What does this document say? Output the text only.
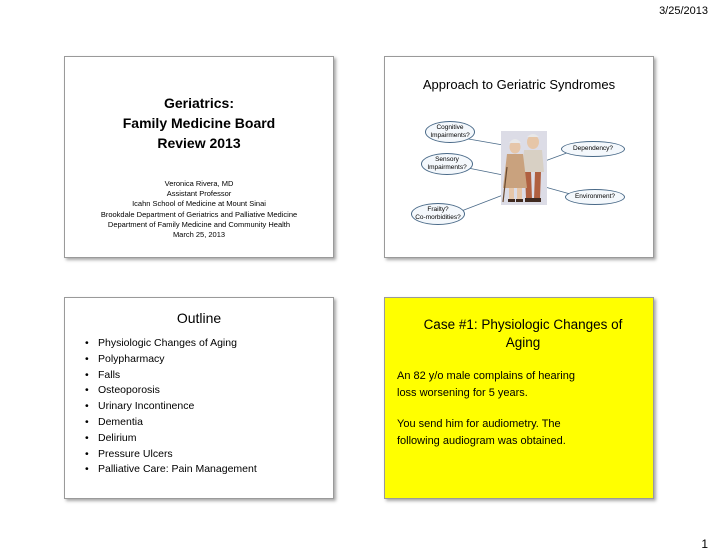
3/25/2013
Geriatrics:
Family Medicine Board
Review 2013
Veronica Rivera, MD
Assistant Professor
Icahn School of Medicine at Mount Sinai
Brookdale Department of Geriatrics and Palliative Medicine
Department of Family Medicine and Community Health
March 25, 2013
Approach to Geriatric Syndromes
Cognitive
Impairments?
Dependency?
Sensory
Impairments?
Environment?
Frailty?
Co-morbidities?
Outline
• Physiologic Changes of Aging
• Polypharmacy
• Falls
• Osteoporosis
• Urinary Incontinence
• Dementia
• Delirium
• Pressure Ulcers
• Palliative Care: Pain Management
Case #1: Physiologic Changes of
Aging
An 82 y/o male complains of hearing
loss worsening for 5 years.
You send him for audiometry. The
following audiogram was obtained.
1
